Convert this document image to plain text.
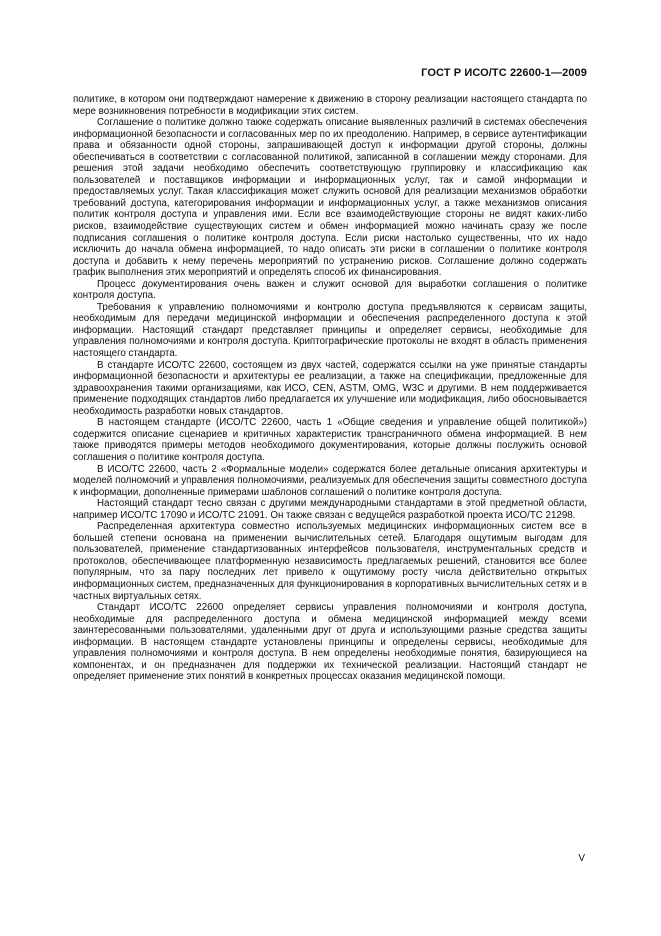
ГОСТ Р ИСО/ТС 22600-1—2009

политике, в котором они подтверждают намерение к движению в сторону реализации настоящего стандарта по мере возникновения потребности в модификации этих систем.

Соглашение о политике должно также содержать описание выявленных различий в системах обеспечения информационной безопасности и согласованных мер по их преодолению. Например, в сервисе аутентификации права и обязанности одной стороны, запрашивающей доступ к информации другой стороны, должны обеспечиваться в соответствии с согласованной политикой, записанной в соглашении между сторонами. Для решения этой задачи необходимо обеспечить соответствующую группировку и классификацию как пользователей и поставщиков информации и информационных услуг, так и самой информации и предоставляемых услуг. Такая классификация может служить основой для реализации механизмов обработки требований доступа, категорирования информации и информационных услуг, а также механизмов описания политик контроля доступа и управления ими. Если все взаимодействующие стороны не видят каких-либо рисков, взаимодействие существующих систем и обмен информацией можно начинать сразу же после подписания соглашения о политике контроля доступа. Если риски настолько существенны, что их надо исключить до начала обмена информацией, то надо описать эти риски в соглашении о политике контроля доступа и добавить к нему перечень мероприятий по устранению рисков. Соглашение должно содержать график выполнения этих мероприятий и определять способ их финансирования.

Процесс документирования очень важен и служит основой для выработки соглашения о политике контроля доступа.

Требования к управлению полномочиями и контролю доступа предъявляются к сервисам защиты, необходимым для передачи медицинской информации и обеспечения распределенного доступа к этой информации. Настоящий стандарт представляет принципы и определяет сервисы, необходимые для управления полномочиями и контроля доступа. Криптографические протоколы не входят в область применения настоящего стандарта.

В стандарте ИСО/ТС 22600, состоящем из двух частей, содержатся ссылки на уже принятые стандарты информационной безопасности и архитектуры ее реализации, а также на спецификации, предложенные для здравоохранения такими организациями, как ИСО, CEN, ASTM, OMG, W3C и другими. В нем поддерживается применение подходящих стандартов либо предлагается их улучшение или модификация, либо обосновывается необходимость разработки новых стандартов.

В настоящем стандарте (ИСО/ТС 22600, часть 1 «Общие сведения и управление общей политикой») содержится описание сценариев и критичных характеристик трансграничного обмена информацией. В нем также приводятся примеры методов необходимого документирования, которые должны послужить основой соглашения о политике контроля доступа.

В ИСО/ТС 22600, часть 2 «Формальные модели» содержатся более детальные описания архитектуры и моделей полномочий и управления полномочиями, реализуемых для обеспечения защиты совместного доступа к информации, дополненные примерами шаблонов соглашений о политике контроля доступа.

Настоящий стандарт тесно связан с другими международными стандартами в этой предметной области, например ИСО/ТС 17090 и ИСО/ТС 21091. Он также связан с ведущейся разработкой проекта ИСО/ТС 21298.

Распределенная архитектура совместно используемых медицинских информационных систем все в большей степени основана на применении вычислительных сетей. Благодаря ощутимым выгодам для пользователей, применение стандартизованных интерфейсов пользователя, инструментальных средств и протоколов, обеспечивающее платформенную независимость предлагаемых решений, становится все более популярным, что за пару последних лет привело к ощутимому росту числа действительно открытых информационных систем, предназначенных для функционирования в корпоративных вычислительных сетях и в частных виртуальных сетях.

Стандарт ИСО/ТС 22600 определяет сервисы управления полномочиями и контроля доступа, необходимые для распределенного доступа и обмена медицинской информацией между всеми заинтересованными пользователями, удаленными друг от друга и использующими разные средства защиты информации. В настоящем стандарте установлены принципы и определены сервисы, необходимые для управления полномочиями и контроля доступа. В нем определены необходимые понятия, базирующиеся на компонентах, и он предназначен для поддержки их технической реализации. Настоящий стандарт не определяет применение этих понятий в конкретных процессах оказания медицинской помощи.

V
